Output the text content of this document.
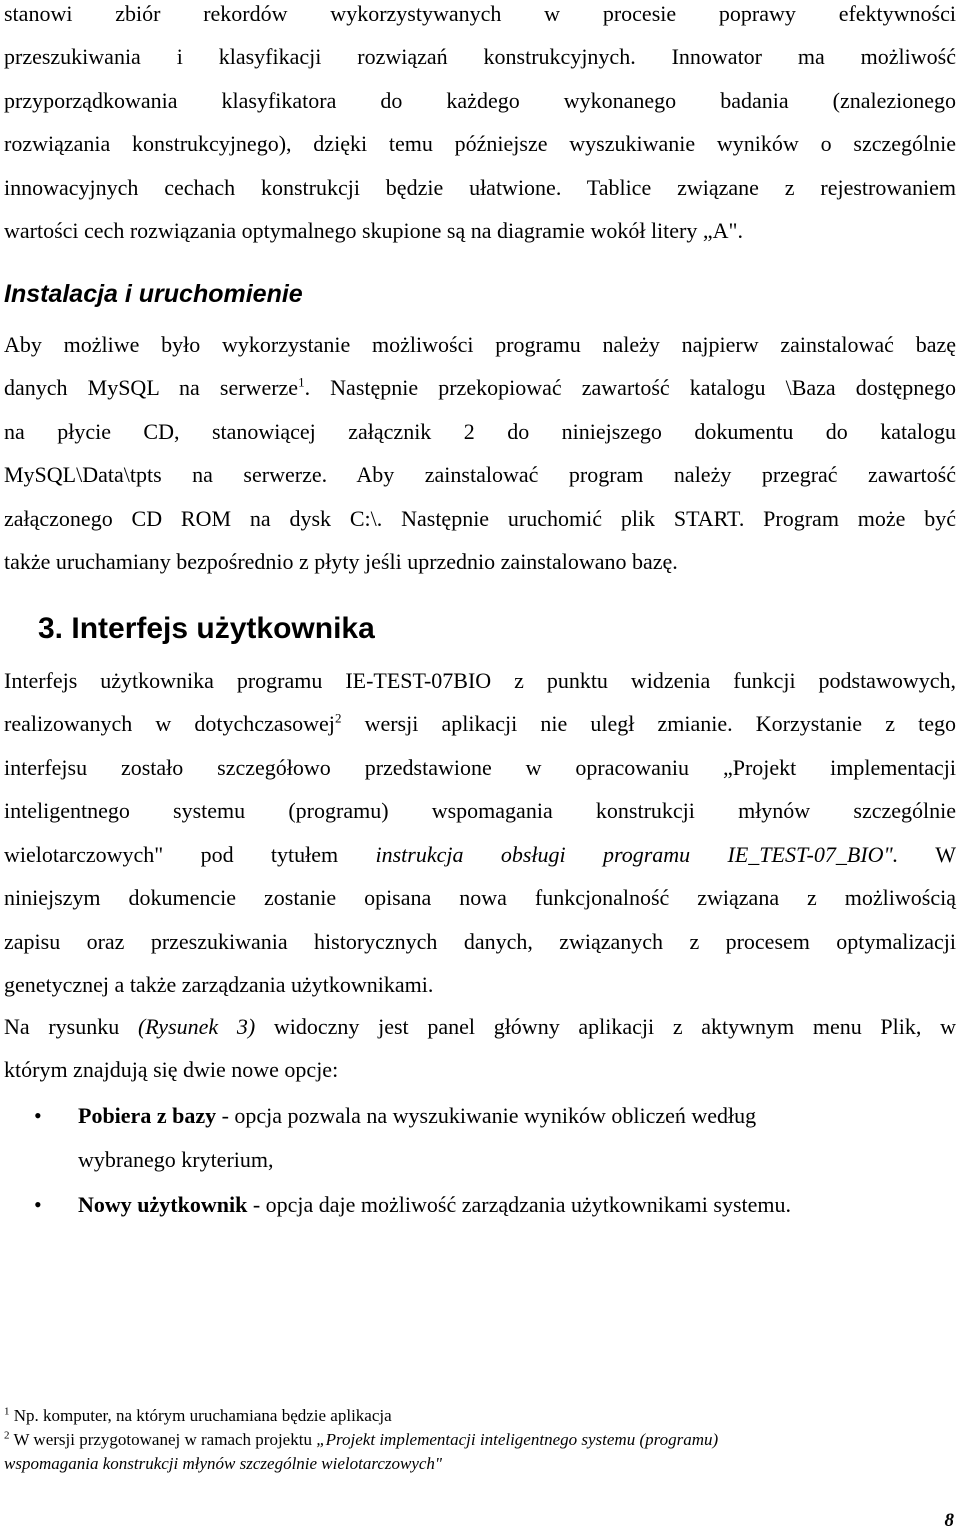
stanowi zbiór rekordów wykorzystywanych w procesie poprawy efektywności
przeszukiwania i klasyfikacji rozwiązań konstrukcyjnych. Innowator ma możliwość
przyporządkowania klasyfikatora do każdego wykonanego badania (znalezionego
rozwiązania konstrukcyjnego), dzięki temu późniejsze wyszukiwanie wyników o szczególnie
innowacyjnych cechach konstrukcji będzie ułatwione. Tablice związane z rejestrowaniem
wartości cech rozwiązania optymalnego skupione są na diagramie wokół litery „A".
Instalacja i uruchomienie
Aby możliwe było wykorzystanie możliwości programu należy najpierw zainstalować bazę
danych MySQL na serwerze$^1$. Następnie przekopiować zawartość katalogu \Baza dostępnego
na płycie CD, stanowiącej załącznik 2 do niniejszego dokumentu do katalogu
MySQL\Data\tpts na serwerze. Aby zainstalować program należy przegrać zawartość
załączonego CD ROM na dysk C:\. Następnie uruchomić plik START. Program może być
także uruchamiany bezpośrednio z płyty jeśli uprzednio zainstalowano bazę.
3. Interfejs użytkownika
Interfejs użytkownika programu IE-TEST-07BIO z punktu widzenia funkcji podstawowych,
realizowanych w dotychczasowej$^2$ wersji aplikacji nie uległ zmianie. Korzystanie z tego
interfejsu zostało szczegółowo przedstawione w opracowaniu „Projekt implementacji
inteligentnego systemu (programu) wspomagania konstrukcji młynów szczególnie
wielotarczowych" pod tytułem instrukcja obsługi programu IE_TEST-07_BIO". W
niniejszym dokumencie zostanie opisana nowa funkcjonalność związana z możliwością
zapisu oraz przeszukiwania historycznych danych, związanych z procesem optymalizacji
genetycznej a także zarządzania użytkownikami.
Na rysunku (Rysunek 3) widoczny jest panel główny aplikacji z aktywnym menu Plik, w
którym znajdują się dwie nowe opcje:
• Pobiera z bazy - opcja pozwala na wyszukiwanie wyników obliczeń według
wybranego kryterium,
• Nowy użytkownik - opcja daje możliwość zarządzania użytkownikami systemu.
$^1$ Np. komputer, na którym uruchamiana będzie aplikacja
$^2$ W wersji przygotowanej w ramach projektu „Projekt implementacji inteligentnego systemu (programu)
wspomagania konstrukcji młynów szczególnie wielotarczowych"
8
